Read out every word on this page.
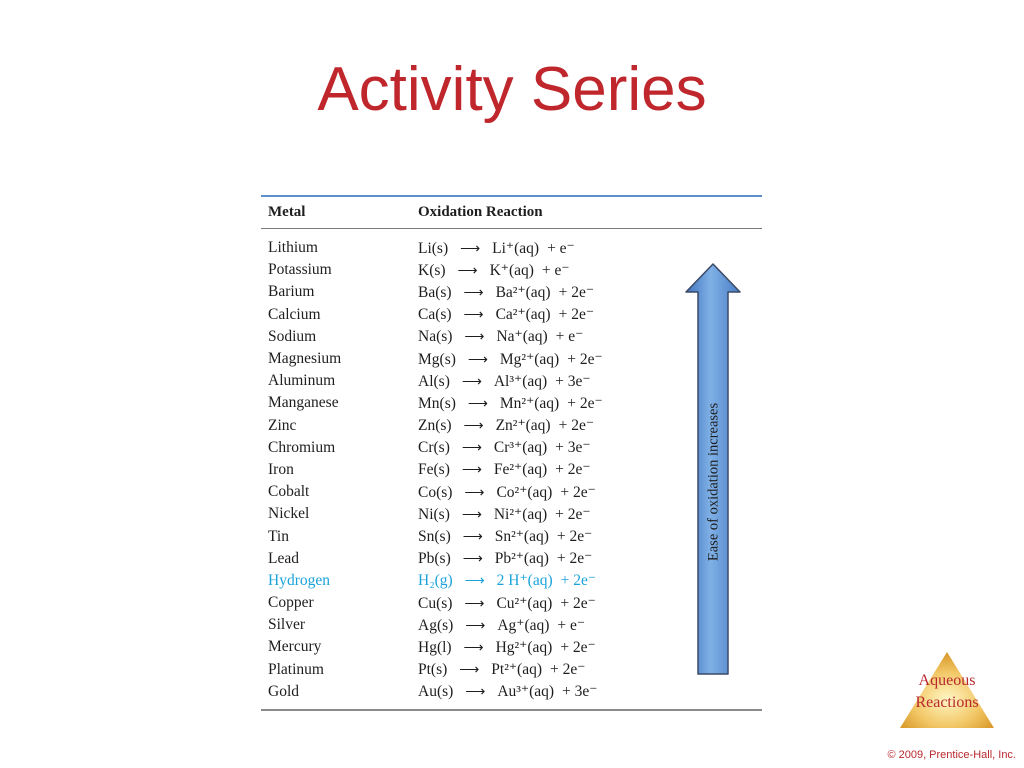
Activity Series
Metal	Oxidation Reaction
Lithium	Li(s) ⟶ Li⁺(aq) + e⁻
Potassium	K(s) ⟶ K⁺(aq) + e⁻
Barium	Ba(s) ⟶ Ba²⁺(aq) + 2e⁻
Calcium	Ca(s) ⟶ Ca²⁺(aq) + 2e⁻
Sodium	Na(s) ⟶ Na⁺(aq) + e⁻
Magnesium	Mg(s) ⟶ Mg²⁺(aq) + 2e⁻
Aluminum	Al(s) ⟶ Al³⁺(aq) + 3e⁻
Manganese	Mn(s) ⟶ Mn²⁺(aq) + 2e⁻
Zinc	Zn(s) ⟶ Zn²⁺(aq) + 2e⁻
Chromium	Cr(s) ⟶ Cr³⁺(aq) + 3e⁻
Iron	Fe(s) ⟶ Fe²⁺(aq) + 2e⁻
Cobalt	Co(s) ⟶ Co²⁺(aq) + 2e⁻
Nickel	Ni(s) ⟶ Ni²⁺(aq) + 2e⁻
Tin	Sn(s) ⟶ Sn²⁺(aq) + 2e⁻
Lead	Pb(s) ⟶ Pb²⁺(aq) + 2e⁻
Hydrogen	H₂(g) ⟶ 2 H⁺(aq) + 2e⁻
Copper	Cu(s) ⟶ Cu²⁺(aq) + 2e⁻
Silver	Ag(s) ⟶ Ag⁺(aq) + e⁻
Mercury	Hg(l) ⟶ Hg²⁺(aq) + 2e⁻
Platinum	Pt(s) ⟶ Pt²⁺(aq) + 2e⁻
Gold	Au(s) ⟶ Au³⁺(aq) + 3e⁻
Ease of oxidation increases
Aqueous
Reactions
© 2009, Prentice-Hall, Inc.
